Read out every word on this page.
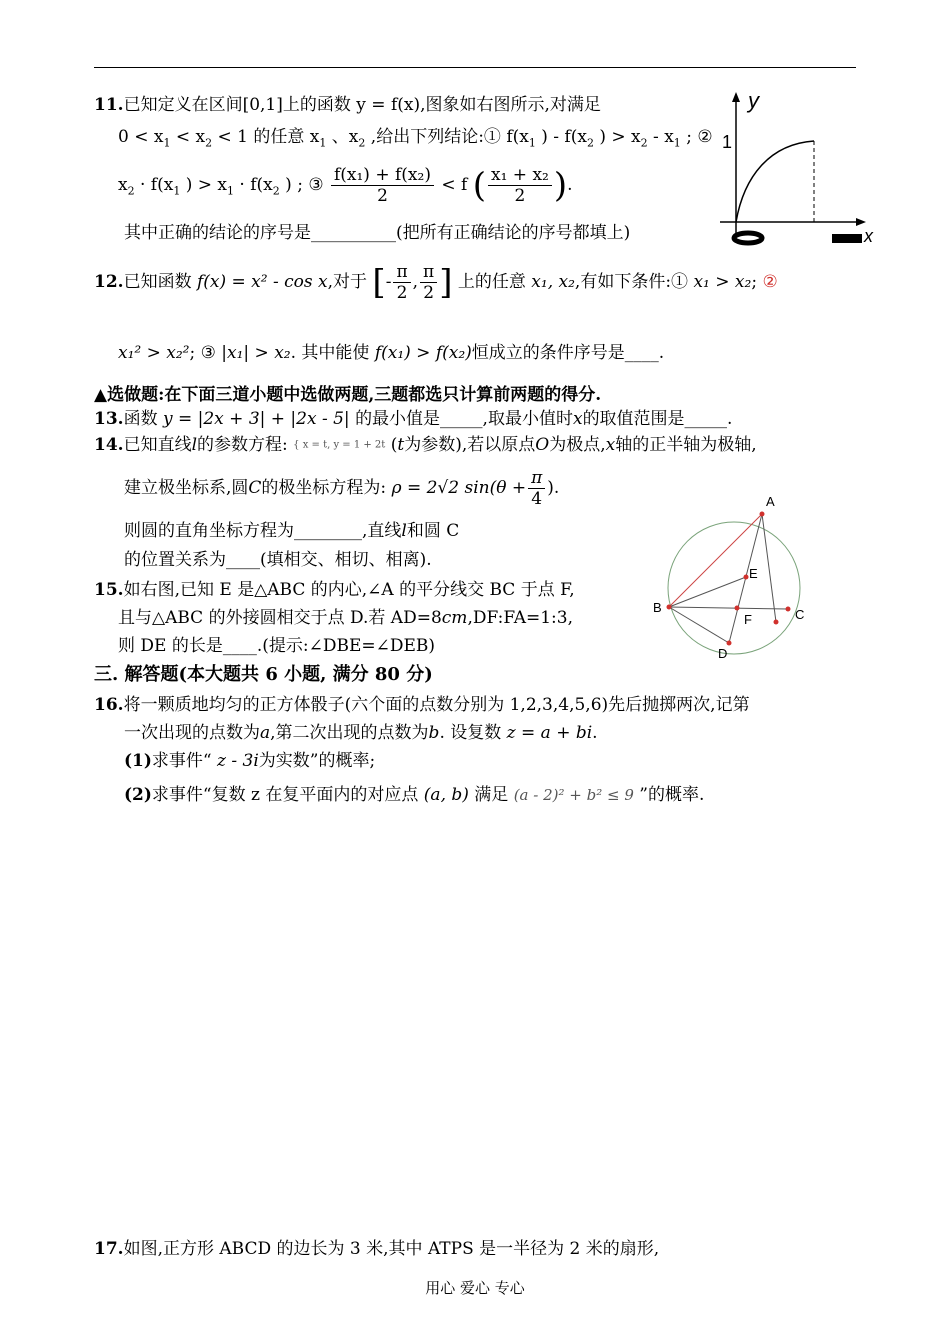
11.已知定义在区间[0,1]上的函数 y = f(x),图象如右图所示,对满足
$0 < x_1 < x_2 < 1$ 的任意 $x_1$ 、$x_2$ ,给出下列结论:① $f(x_1$ ) - $f(x_2$ ) > $x_2 - x_1$ ; ②
$x_2 \cdot f(x_1$ ) > $x_1 \cdot f(x_2$ ) ; ③ $\frac{\text{f(x₁) + f(x₂)}}{2} < f$ ( $\frac{\text{x₁ + x₂}}{2}$ ).
其中正确的结论的序号是__________(把所有正确结论的序号都填上)
y
x
1
12.已知函数 f(x) = x² - cos x,对于 [- $\frac{\pi}{2}$ , $\frac{\pi}{2}$ ] 上的任意 x₁, x₂,有如下条件:① x₁ > x₂; ②
x₁² > x₂²; ③ |x₁| > x₂. 其中能使 f(x₁) > f(x₂)恒成立的条件序号是____.
▲选做题:在下面三道小题中选做两题,三题都选只计算前两题的得分.
13.函数 y = |2x + 3| + |2x - 5| 的最小值是_____,取最小值时x的取值范围是_____.
14.已知直线l的参数方程: { x = t, y = 1 + 2t (t为参数),若以原点O为极点,x轴的正半轴为极轴,
建立极坐标系,圆C的极坐标方程为: ρ = 2√2 $\sin(\theta + \frac{\pi}{4}$ ).
则圆的直角坐标方程为________,直线l和圆 C
的位置关系为____(填相交、相切、相离).
15.如右图,已知 E 是△ABC 的内心,∠A 的平分线交 BC 于点 F,
且与△ABC 的外接圆相交于点 D.若 AD=8cm,DF:FA=1:3,
则 DE 的长是____.(提示:∠DBE=∠DEB)
A
B	C
D
E
F
三. 解答题(本大题共 6 小题, 满分 80 分)
16.将一颗质地均匀的正方体骰子(六个面的点数分别为 1,2,3,4,5,6)先后抛掷两次,记第
一次出现的点数为a,第二次出现的点数为b. 设复数 z = a + bi.
(1)求事件“ z - 3i为实数”的概率;
(2)求事件“复数 z 在复平面内的对应点 (a, b) 满足 (a - 2)² + b² ≤ 9 ”的概率.
17.如图,正方形 ABCD 的边长为 3 米,其中 ATPS 是一半径为 2 米的扇形,
用心 爱心 专心
